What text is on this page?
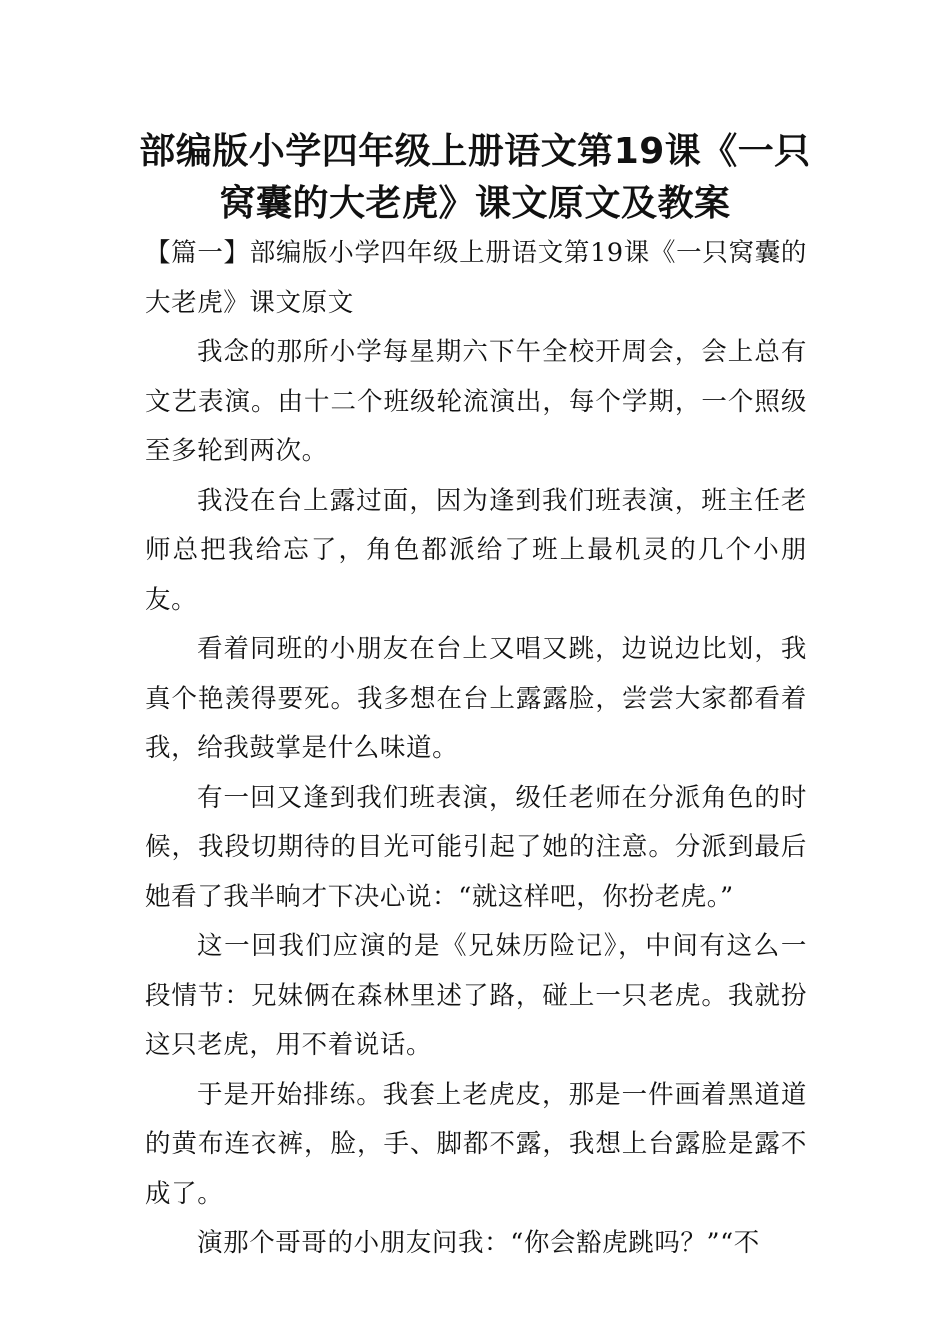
部编版小学四年级上册语文第19课《一只
窝囊的大老虎》课文原文及教案

【篇一】部编版小学四年级上册语文第19课《一只窝囊的大老虎》课文原文

我念的那所小学每星期六下午全校开周会，会上总有文艺表演。由十二个班级轮流演出，每个学期，一个照级至多轮到两次。

我没在台上露过面，因为逢到我们班表演，班主任老师总把我给忘了，角色都派给了班上最机灵的几个小朋友。

看着同班的小朋友在台上又唱又跳，边说边比划，我真个艳羡得要死。我多想在台上露露脸，尝尝大家都看着我，给我鼓掌是什么味道。

有一回又逢到我们班表演，级任老师在分派角色的时候，我段切期待的目光可能引起了她的注意。分派到最后她看了我半晌才下决心说：“就这样吧，你扮老虎。”

这一回我们应演的是《兄妹历险记》，中间有这么一段情节：兄妹俩在森林里述了路，碰上一只老虎。我就扮这只老虎，用不着说话。

于是开始排练。我套上老虎皮，那是一件画着黑道道的黄布连衣裤，脸，手、脚都不露，我想上台露脸是露不成了。

演那个哥哥的小朋友问我：“你会豁虎跳吗？”“不
